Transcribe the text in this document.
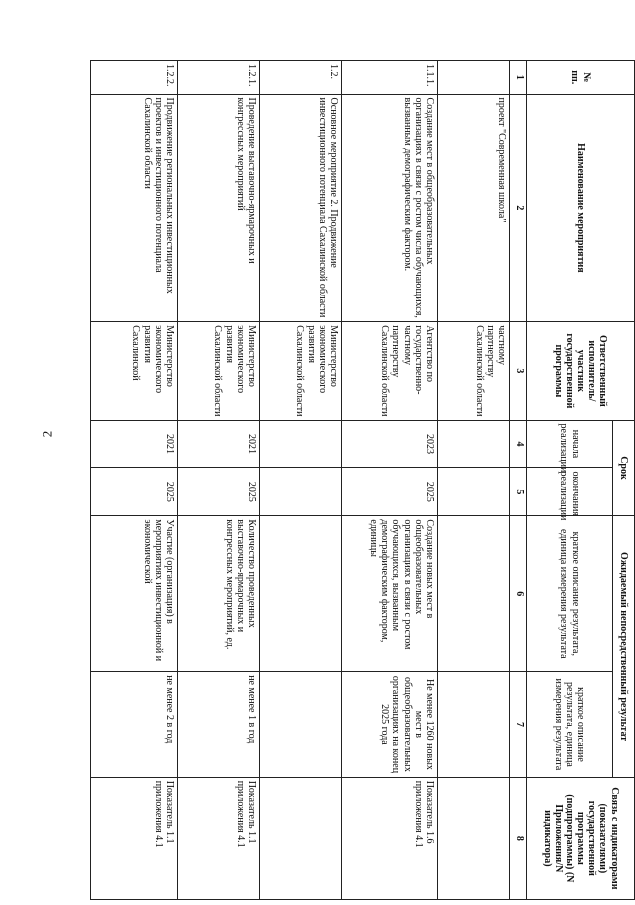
2
№ пп.	Наименование мероприятия	Ответственный исполнитель/участник государственной программы	Срок		Ожидаемый непосредственный результат		Связь с индикаторами (показателями) государственной программы (подпрограммы) (N Приложения/N индикатора)
			начала реализации	окончания реализации	краткое описание результата, единица измерения результата	краткое описание результата, единица измерения результата	
1	2	3	4	5	6	7	8
	проект "Современная школа"	частному партнерству Сахалинской области					
1.1.1.	Создание мест в общеобразовательных организациях в связи с ростом числа обучающихся, вызванным демографическим фактором.	Агентство по государственно-частному партнерству Сахалинской области	2023	2025	Создание новых мест в общеобразовательных организациях в связи с ростом обучающихся, вызванным демографическим фактором, единицы	Не менее 1260 новых мест в общеобразовательных организациях на конец 2025 года	Показатель 1.6 приложения 4.1
1.2.	Основное мероприятие 2. Продвижение инвестиционного потенциала Сахалинской области	Министерство экономического развития Сахалинской области					
1.2.1.	Проведение выставочно-ярмарочных и конгрессных мероприятий	Министерство экономического развития Сахалинской области	2021	2025	Количество проведенных выставочно-ярмарочных и конгрессных мероприятий, ед.	не менее 1 в год	Показатель 1.1 приложения 4.1
1.2.2.	Продвижение региональных инвестиционных проектов и инвестиционного потенциала Сахалинской области	Министерство экономического развития Сахалинской	2021	2025	Участие (организация) в мероприятиях инвестиционной и экономической	не менее 2 в год	Показатель 1.1 приложения 4.1
